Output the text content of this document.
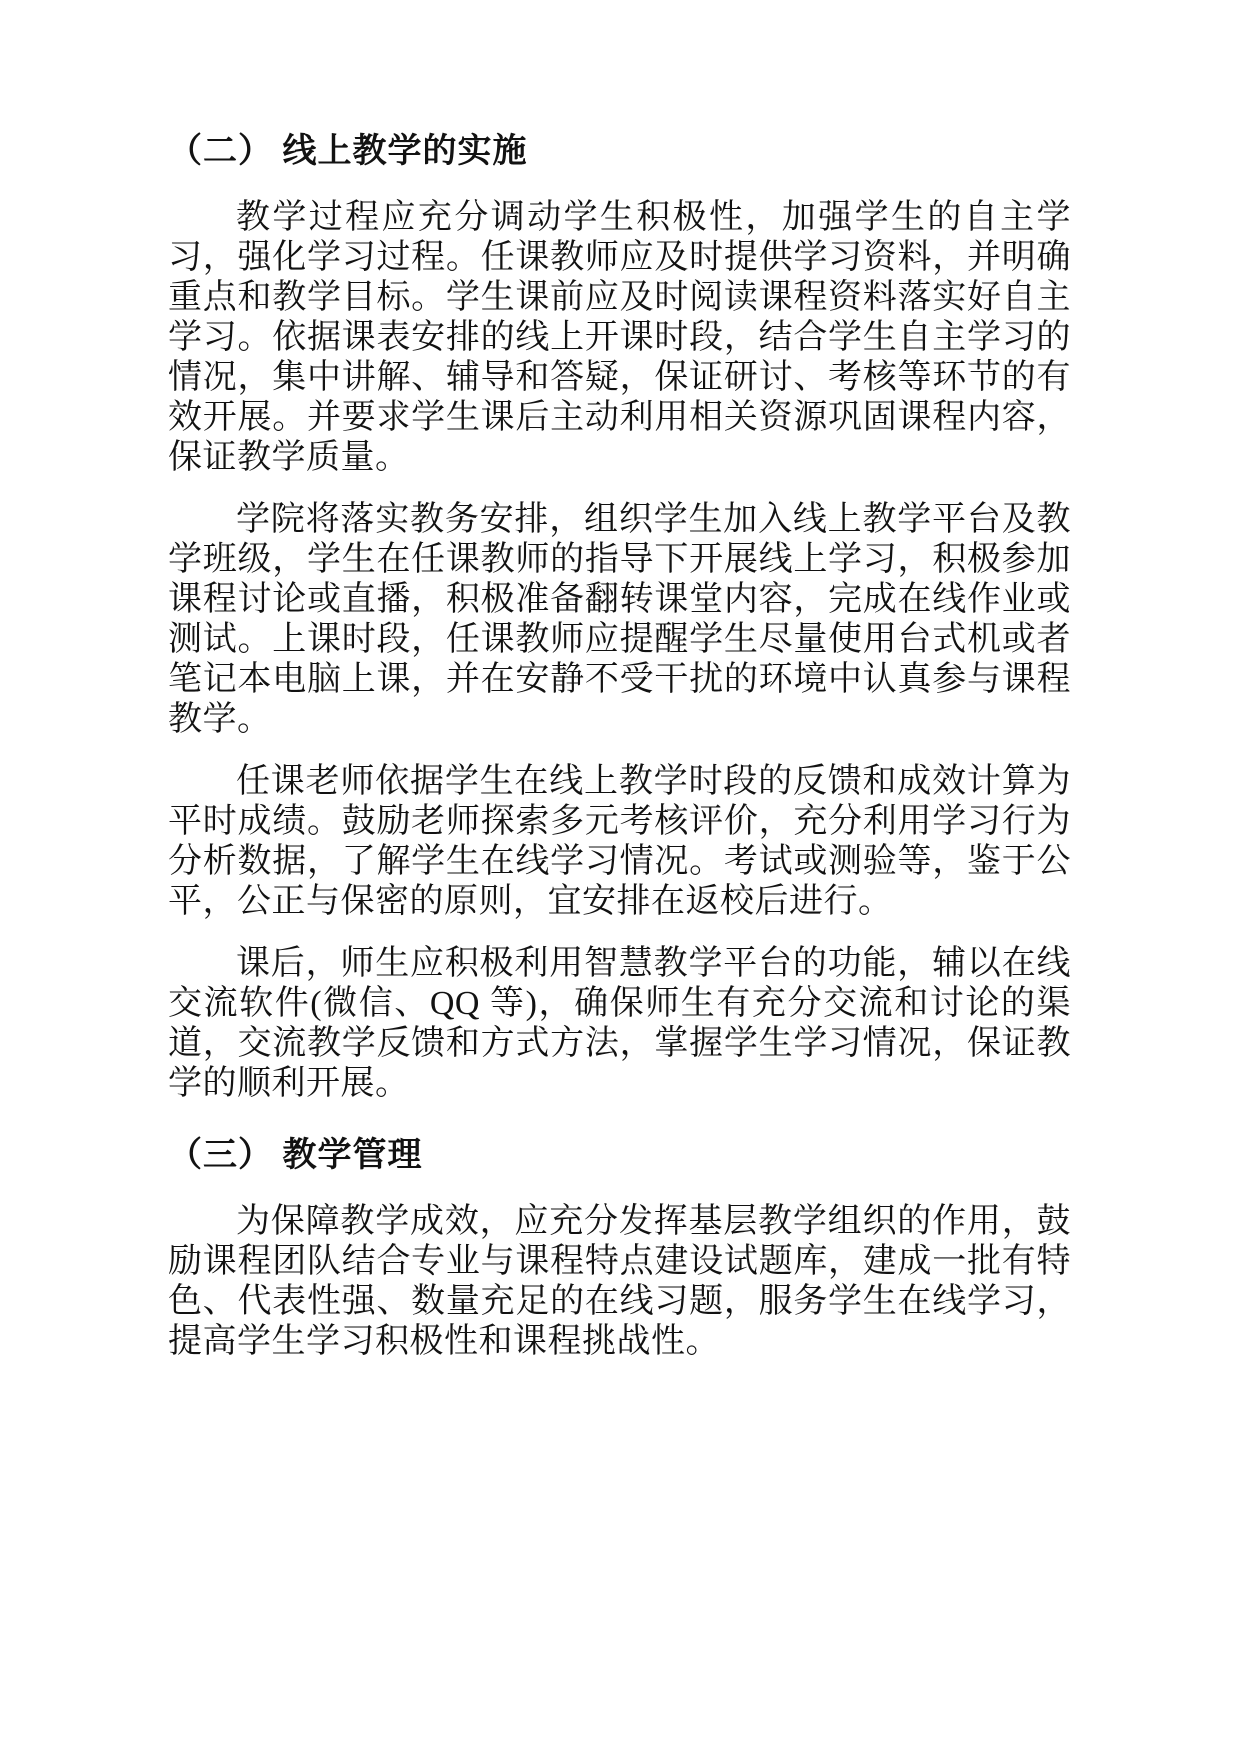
（二） 线上教学的实施

教学过程应充分调动学生积极性，加强学生的自主学习，强化学习过程。任课教师应及时提供学习资料，并明确重点和教学目标。学生课前应及时阅读课程资料落实好自主学习。依据课表安排的线上开课时段，结合学生自主学习的情况，集中讲解、辅导和答疑，保证研讨、考核等环节的有效开展。并要求学生课后主动利用相关资源巩固课程内容，保证教学质量。

学院将落实教务安排，组织学生加入线上教学平台及教学班级，学生在任课教师的指导下开展线上学习，积极参加课程讨论或直播，积极准备翻转课堂内容，完成在线作业或测试。上课时段，任课教师应提醒学生尽量使用台式机或者笔记本电脑上课，并在安静不受干扰的环境中认真参与课程教学。

任课老师依据学生在线上教学时段的反馈和成效计算为平时成绩。鼓励老师探索多元考核评价，充分利用学习行为分析数据，了解学生在线学习情况。考试或测验等，鉴于公平，公正与保密的原则，宜安排在返校后进行。

课后，师生应积极利用智慧教学平台的功能，辅以在线交流软件(微信、QQ 等)，确保师生有充分交流和讨论的渠道，交流教学反馈和方式方法，掌握学生学习情况，保证教学的顺利开展。

（三） 教学管理

为保障教学成效，应充分发挥基层教学组织的作用，鼓励课程团队结合专业与课程特点建设试题库，建成一批有特色、代表性强、数量充足的在线习题，服务学生在线学习，提高学生学习积极性和课程挑战性。
